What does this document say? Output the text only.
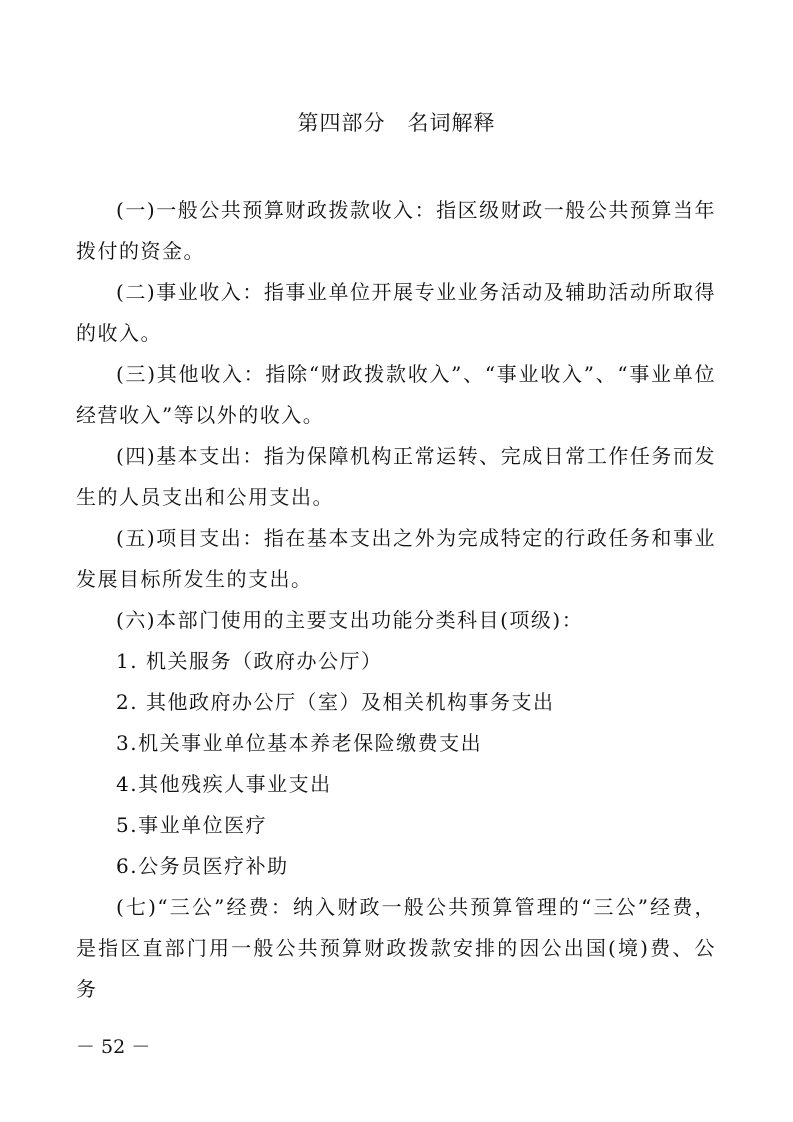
第四部分　名词解释
(一)一般公共预算财政拨款收入：指区级财政一般公共预算当年拨付的资金。
(二)事业收入：指事业单位开展专业业务活动及辅助活动所取得的收入。
(三)其他收入：指除“财政拨款收入”、“事业收入”、“事业单位经营收入”等以外的收入。
(四)基本支出：指为保障机构正常运转、完成日常工作任务而发生的人员支出和公用支出。
(五)项目支出：指在基本支出之外为完成特定的行政任务和事业发展目标所发生的支出。
(六)本部门使用的主要支出功能分类科目(项级)：
1. 机关服务（政府办公厅）
2. 其他政府办公厅（室）及相关机构事务支出
3.机关事业单位基本养老保险缴费支出
4.其他残疾人事业支出
5.事业单位医疗
6.公务员医疗补助
(七)“三公”经费：纳入财政一般公共预算管理的“三公”经费，是指区直部门用一般公共预算财政拨款安排的因公出国(境)费、公务
－ 52 －
